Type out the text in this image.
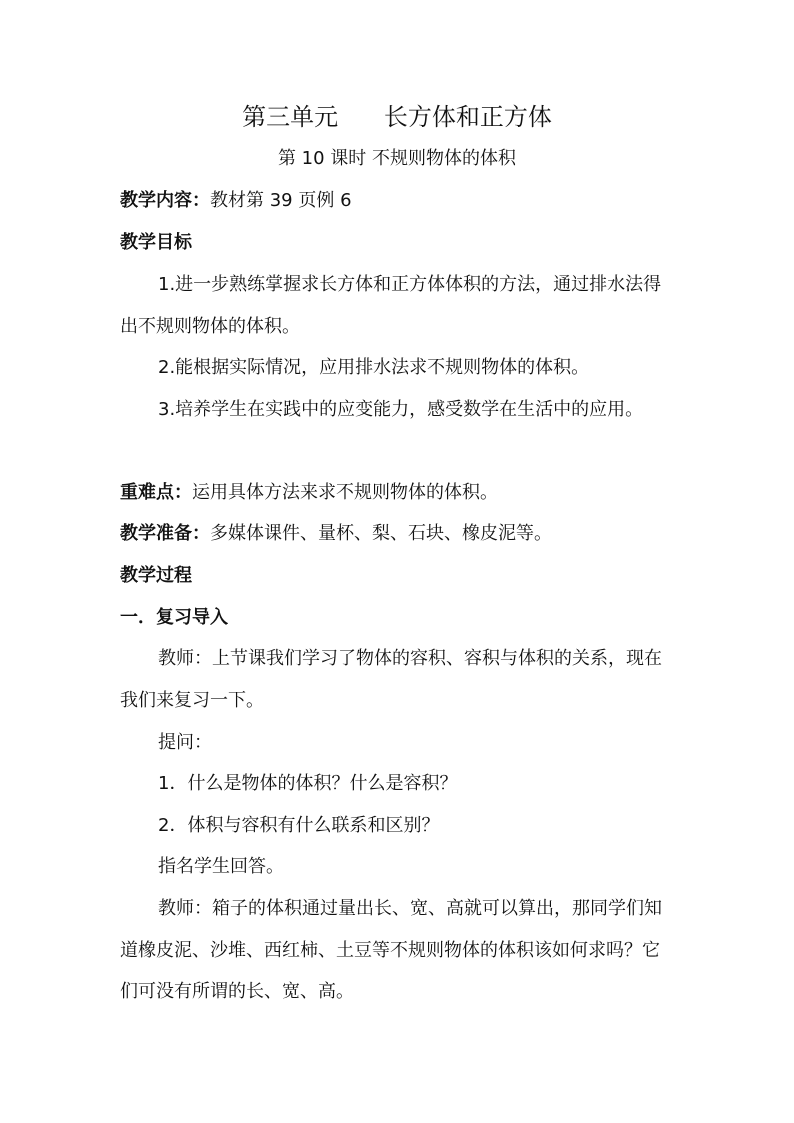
第三单元      长方体和正方体
第 10 课时 不规则物体的体积
教学内容：教材第 39 页例 6
教学目标
1.进一步熟练掌握求长方体和正方体体积的方法，通过排水法得
出不规则物体的体积。
2.能根据实际情况，应用排水法求不规则物体的体积。
3.培养学生在实践中的应变能力，感受数学在生活中的应用。
重难点：运用具体方法来求不规则物体的体积。
教学准备：多媒体课件、量杯、梨、石块、橡皮泥等。
教学过程
一．复习导入
教师：上节课我们学习了物体的容积、容积与体积的关系，现在
我们来复习一下。
提问：
1．什么是物体的体积？什么是容积？
2．体积与容积有什么联系和区别？
指名学生回答。
教师：箱子的体积通过量出长、宽、高就可以算出，那同学们知
道橡皮泥、沙堆、西红柿、土豆等不规则物体的体积该如何求吗？它
们可没有所谓的长、宽、高。
